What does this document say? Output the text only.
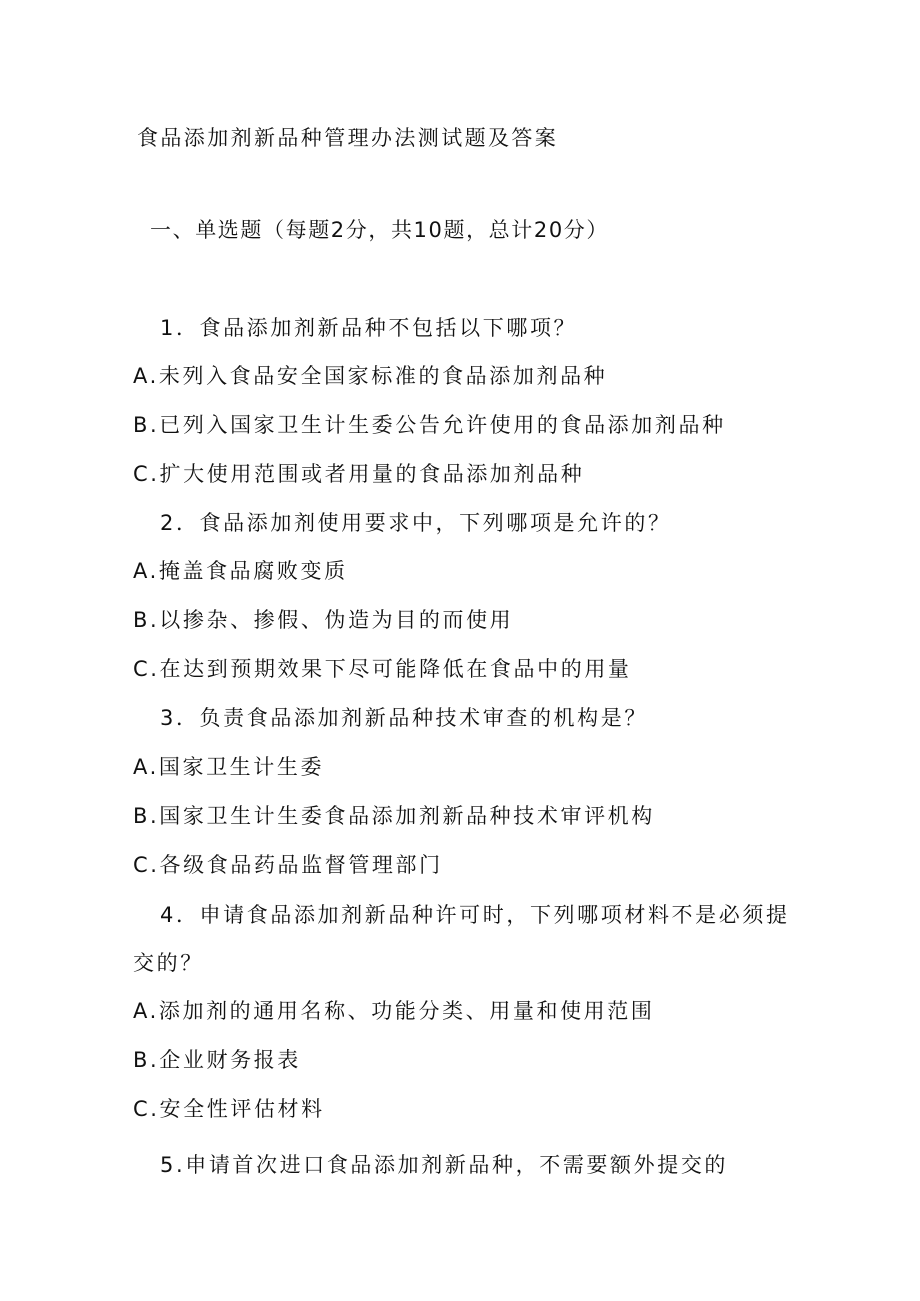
食品添加剂新品种管理办法测试题及答案
一、单选题（每题2分，共10题，总计20分）
1．食品添加剂新品种不包括以下哪项？
A.未列入食品安全国家标准的食品添加剂品种
B.已列入国家卫生计生委公告允许使用的食品添加剂品种
C.扩大使用范围或者用量的食品添加剂品种
2．食品添加剂使用要求中，下列哪项是允许的？
A.掩盖食品腐败变质
B.以掺杂、掺假、伪造为目的而使用
C.在达到预期效果下尽可能降低在食品中的用量
3．负责食品添加剂新品种技术审查的机构是？
A.国家卫生计生委
B.国家卫生计生委食品添加剂新品种技术审评机构
C.各级食品药品监督管理部门
4．申请食品添加剂新品种许可时，下列哪项材料不是必须提
交的？
A.添加剂的通用名称、功能分类、用量和使用范围
B.企业财务报表
C.安全性评估材料
5.申请首次进口食品添加剂新品种，不需要额外提交的
